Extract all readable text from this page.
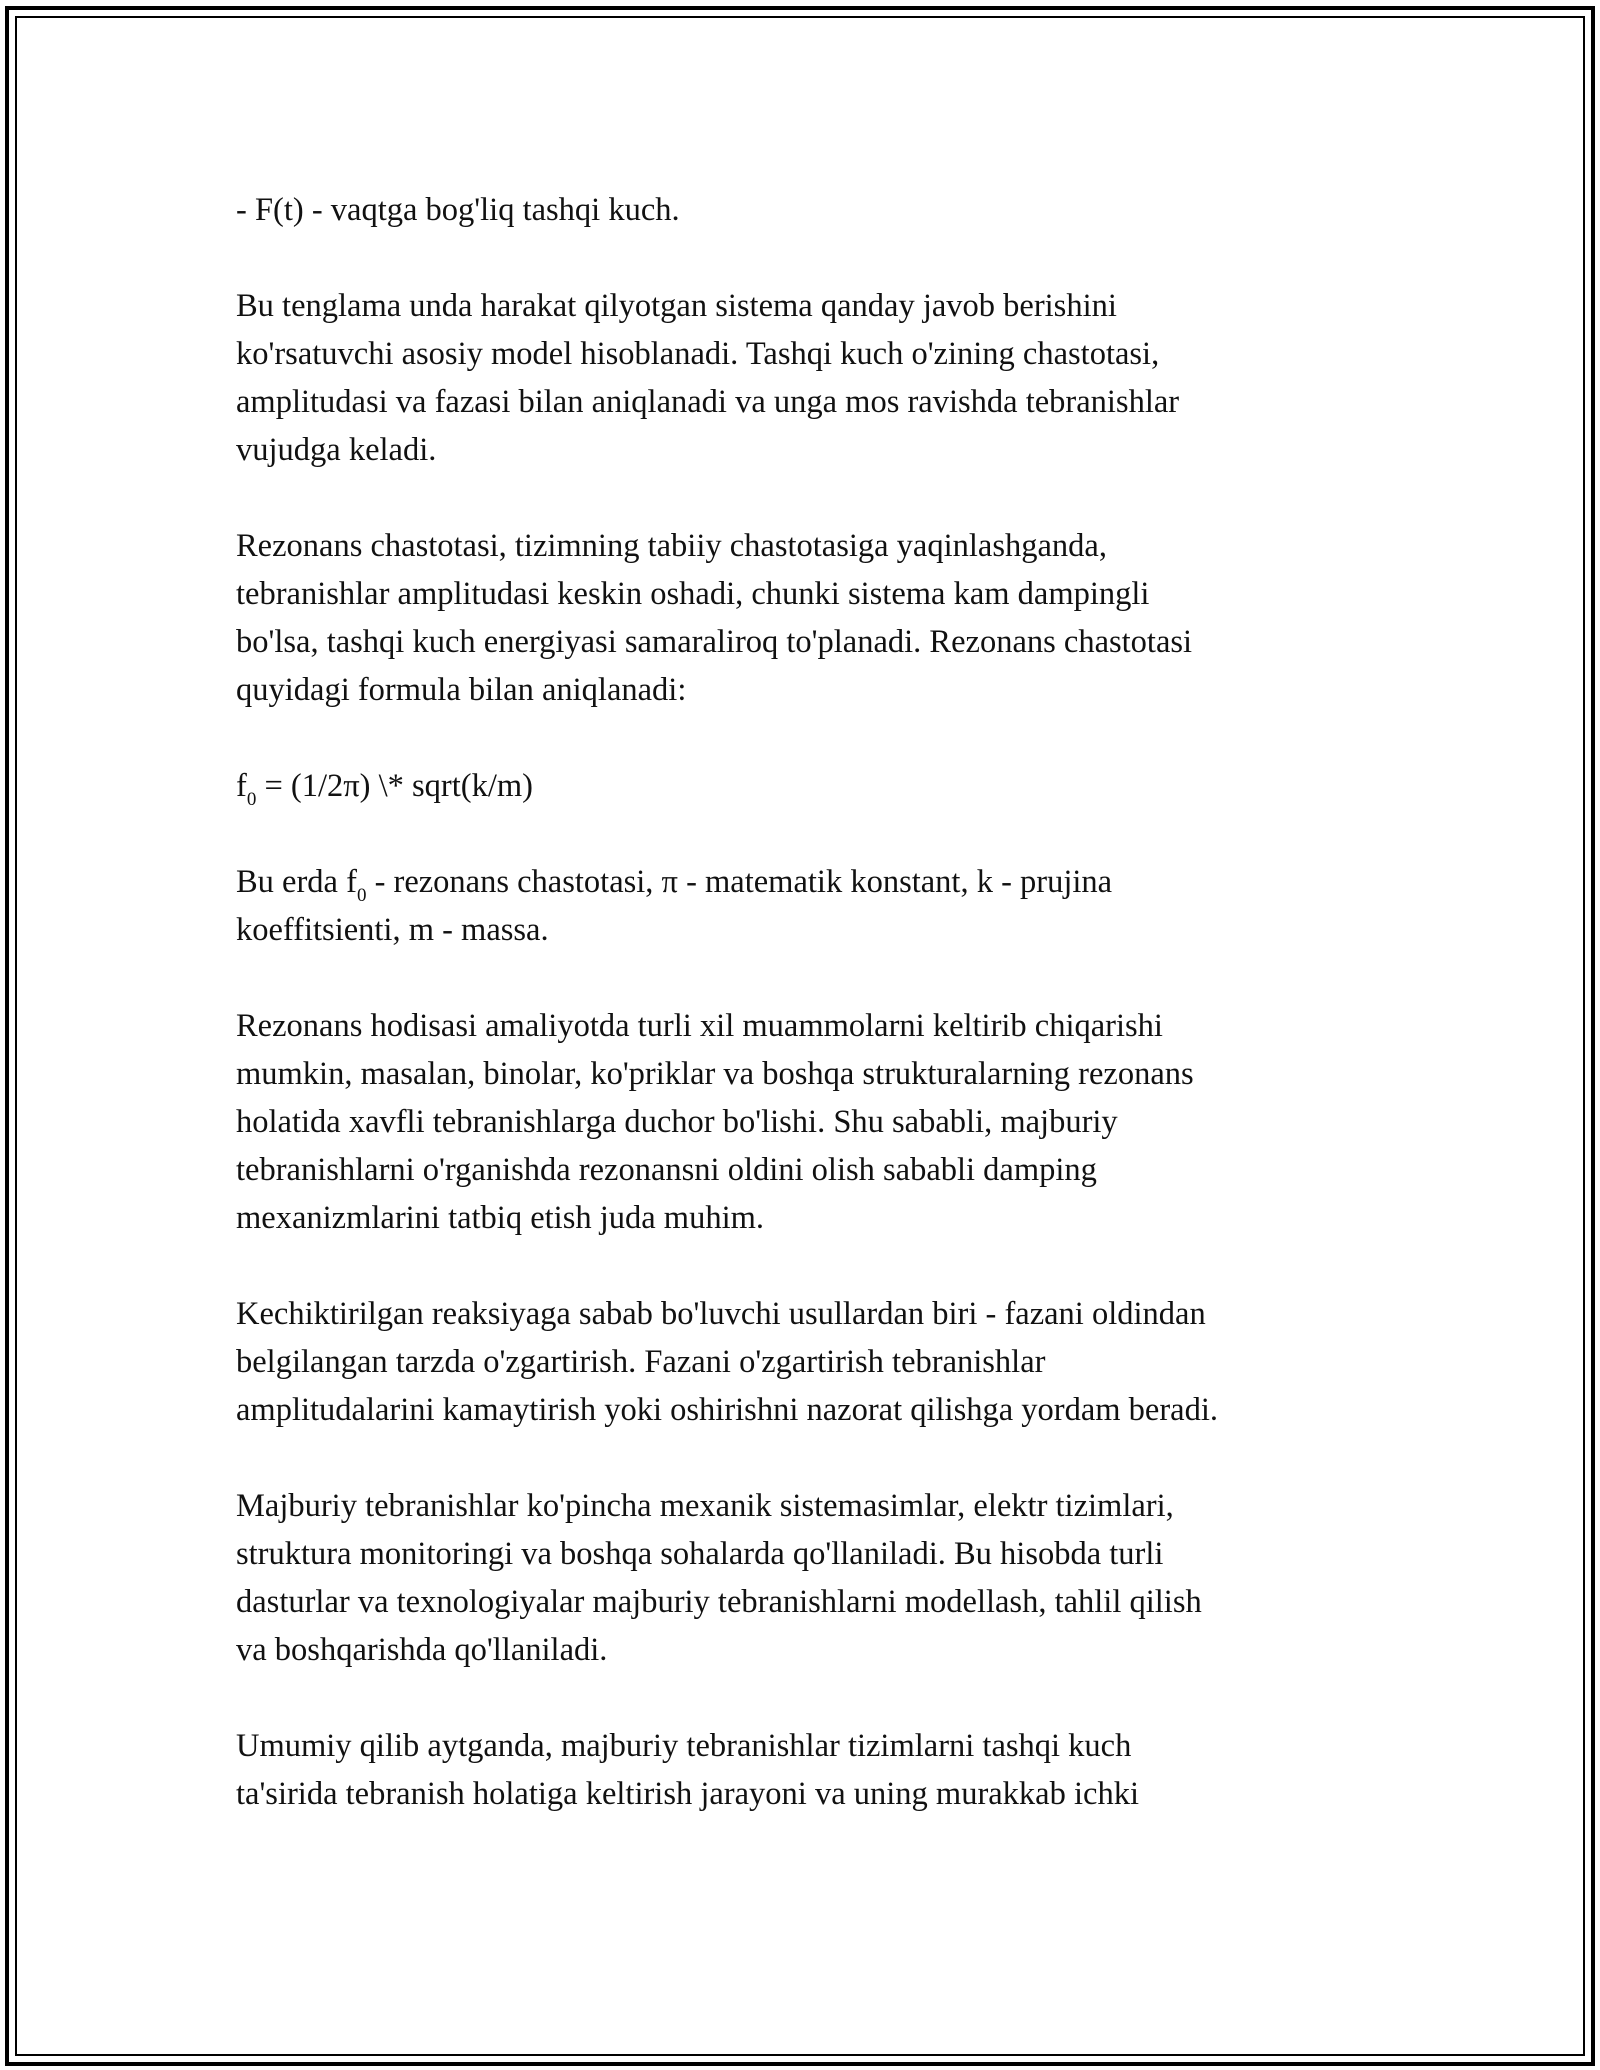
- F(t) - vaqtga bog'liq tashqi kuch.

Bu tenglama unda harakat qilyotgan sistema qanday javob berishini
ko'rsatuvchi asosiy model hisoblanadi. Tashqi kuch o'zining chastotasi,
amplitudasi va fazasi bilan aniqlanadi va unga mos ravishda tebranishlar
vujudga keladi.

Rezonans chastotasi, tizimning tabiiy chastotasiga yaqinlashganda,
tebranishlar amplitudasi keskin oshadi, chunki sistema kam dampingli
bo'lsa, tashqi kuch energiyasi samaraliroq to'planadi. Rezonans chastotasi
quyidagi formula bilan aniqlanadi:

$f_0 = (1/2\pi)$ \* sqrt(k/m)

Bu erda $f_0$ - rezonans chastotasi, π - matematik konstant, k - prujina
koeffitsienti, m - massa.

Rezonans hodisasi amaliyotda turli xil muammolarni keltirib chiqarishi
mumkin, masalan, binolar, ko'priklar va boshqa strukturalarning rezonans
holatida xavfli tebranishlarga duchor bo'lishi. Shu sababli, majburiy
tebranishlarni o'rganishda rezonansni oldini olish sababli damping
mexanizmlarini tatbiq etish juda muhim.

Kechiktirilgan reaksiyaga sabab bo'luvchi usullardan biri - fazani oldindan
belgilangan tarzda o'zgartirish. Fazani o'zgartirish tebranishlar
amplitudalarini kamaytirish yoki oshirishni nazorat qilishga yordam beradi.

Majburiy tebranishlar ko'pincha mexanik sistemasimlar, elektr tizimlari,
struktura monitoringi va boshqa sohalarda qo'llaniladi. Bu hisobda turli
dasturlar va texnologiyalar majburiy tebranishlarni modellash, tahlil qilish
va boshqarishda qo'llaniladi.

Umumiy qilib aytganda, majburiy tebranishlar tizimlarni tashqi kuch
ta'sirida tebranish holatiga keltirish jarayoni va uning murakkab ichki
